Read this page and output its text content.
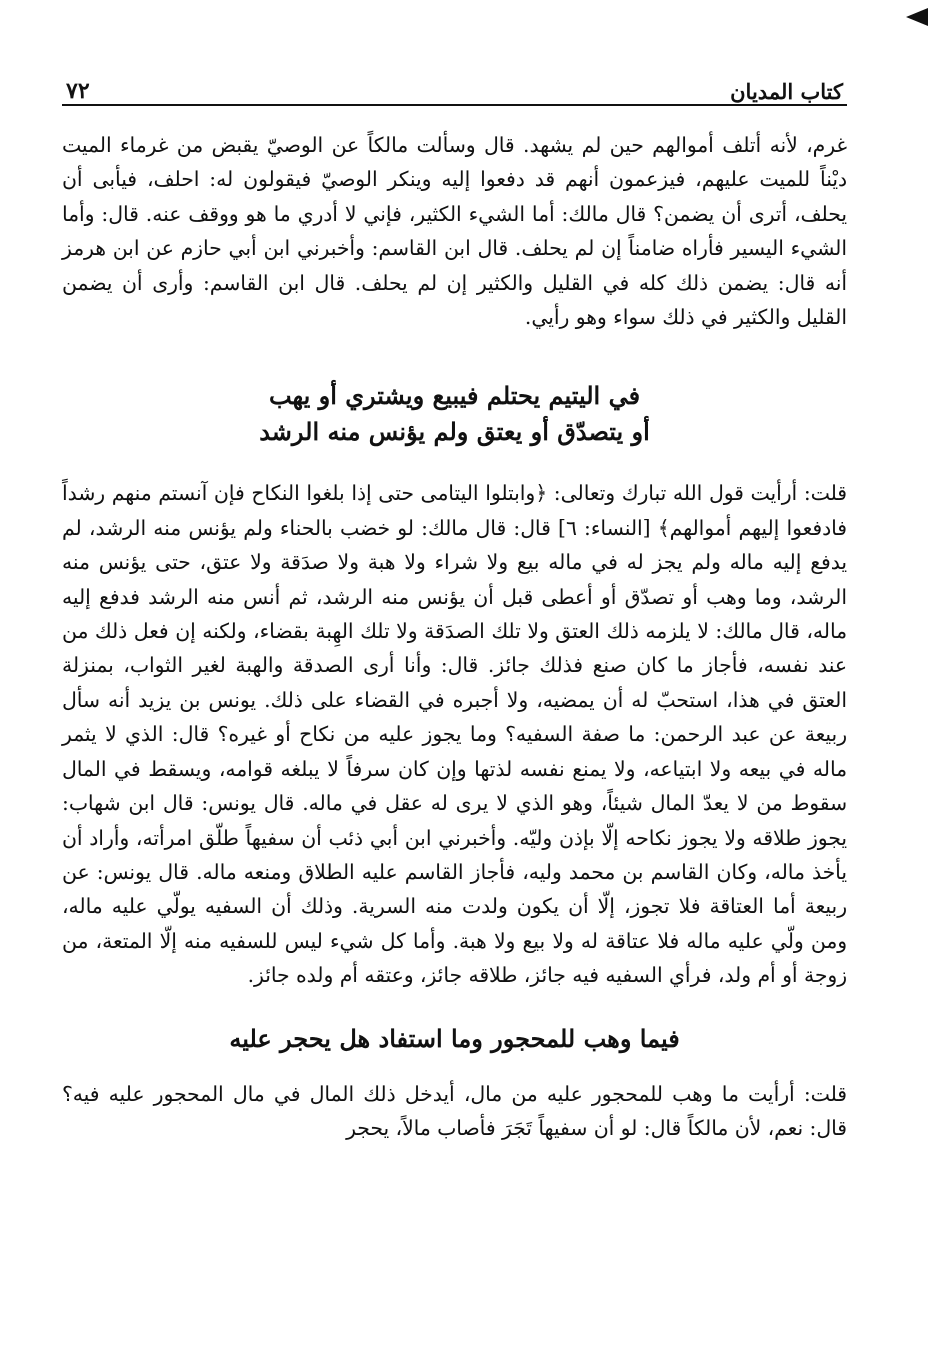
كتاب المديان
٧٢

غرم، لأنه أتلف أموالهم حين لم يشهد. قال وسألت مالكاً عن الوصيّ يقبض من غرماء الميت ديْناً للميت عليهم، فيزعمون أنهم قد دفعوا إليه وينكر الوصيّ فيقولون له: احلف، فيأبى أن يحلف، أترى أن يضمن؟ قال مالك: أما الشيء الكثير، فإني لا أدري ما هو ووقف عنه. قال: وأما الشيء اليسير فأراه ضامناً إن لم يحلف. قال ابن القاسم: وأخبرني ابن أبي حازم عن ابن هرمز أنه قال: يضمن ذلك كله في القليل والكثير إن لم يحلف. قال ابن القاسم: وأرى أن يضمن القليل والكثير في ذلك سواء وهو رأيي.

في اليتيم يحتلم فيبيع ويشتري أو يهب
أو يتصدّق أو يعتق ولم يؤنس منه الرشد

قلت: أرأيت قول الله تبارك وتعالى: ﴿وابتلوا اليتامى حتى إذا بلغوا النكاح فإن آنستم منهم رشداً فادفعوا إليهم أموالهم﴾ [النساء: ٦] قال: قال مالك: لو خضب بالحناء ولم يؤنس منه الرشد، لم يدفع إليه ماله ولم يجز له في ماله بيع ولا شراء ولا هبة ولا صدَقة ولا عتق، حتى يؤنس منه الرشد، وما وهب أو تصدّق أو أعطى قبل أن يؤنس منه الرشد، ثم أنس منه الرشد فدفع إليه ماله، قال مالك: لا يلزمه ذلك العتق ولا تلك الصدَقة ولا تلك الهِبة بقضاء، ولكنه إن فعل ذلك من عند نفسه، فأجاز ما كان صنع فذلك جائز. قال: وأنا أرى الصدقة والهبة لغير الثواب، بمنزلة العتق في هذا، استحبّ له أن يمضيه، ولا أجبره في القضاء على ذلك. يونس بن يزيد أنه سأل ربيعة عن عبد الرحمن: ما صفة السفيه؟ وما يجوز عليه من نكاح أو غيره؟ قال: الذي لا يثمر ماله في بيعه ولا ابتياعه، ولا يمنع نفسه لذتها وإن كان سرفاً لا يبلغه قوامه، ويسقط في المال سقوط من لا يعدّ المال شيئاً، وهو الذي لا يرى له عقل في ماله. قال يونس: قال ابن شهاب: يجوز طلاقه ولا يجوز نكاحه إلّا بإذن وليّه. وأخبرني ابن أبي ذئب أن سفيهاً طلّق امرأته، وأراد أن يأخذ ماله، وكان القاسم بن محمد وليه، فأجاز القاسم عليه الطلاق ومنعه ماله. قال يونس: عن ربيعة أما العتاقة فلا تجوز، إلّا أن يكون ولدت منه السرية. وذلك أن السفيه يولّي عليه ماله، ومن ولّي عليه ماله فلا عتاقة له ولا بيع ولا هبة. وأما كل شيء ليس للسفيه منه إلّا المتعة، من زوجة أو أم ولد، فرأي السفيه فيه جائز، طلاقه جائز، وعتقه أم ولده جائز.

فيما وهب للمحجور وما استفاد هل يحجر عليه

قلت: أرأيت ما وهب للمحجور عليه من مال، أيدخل ذلك المال في مال المحجور عليه فيه؟ قال: نعم، لأن مالكاً قال: لو أن سفيهاً تَجَرَ فأصاب مالاً، يحجر
